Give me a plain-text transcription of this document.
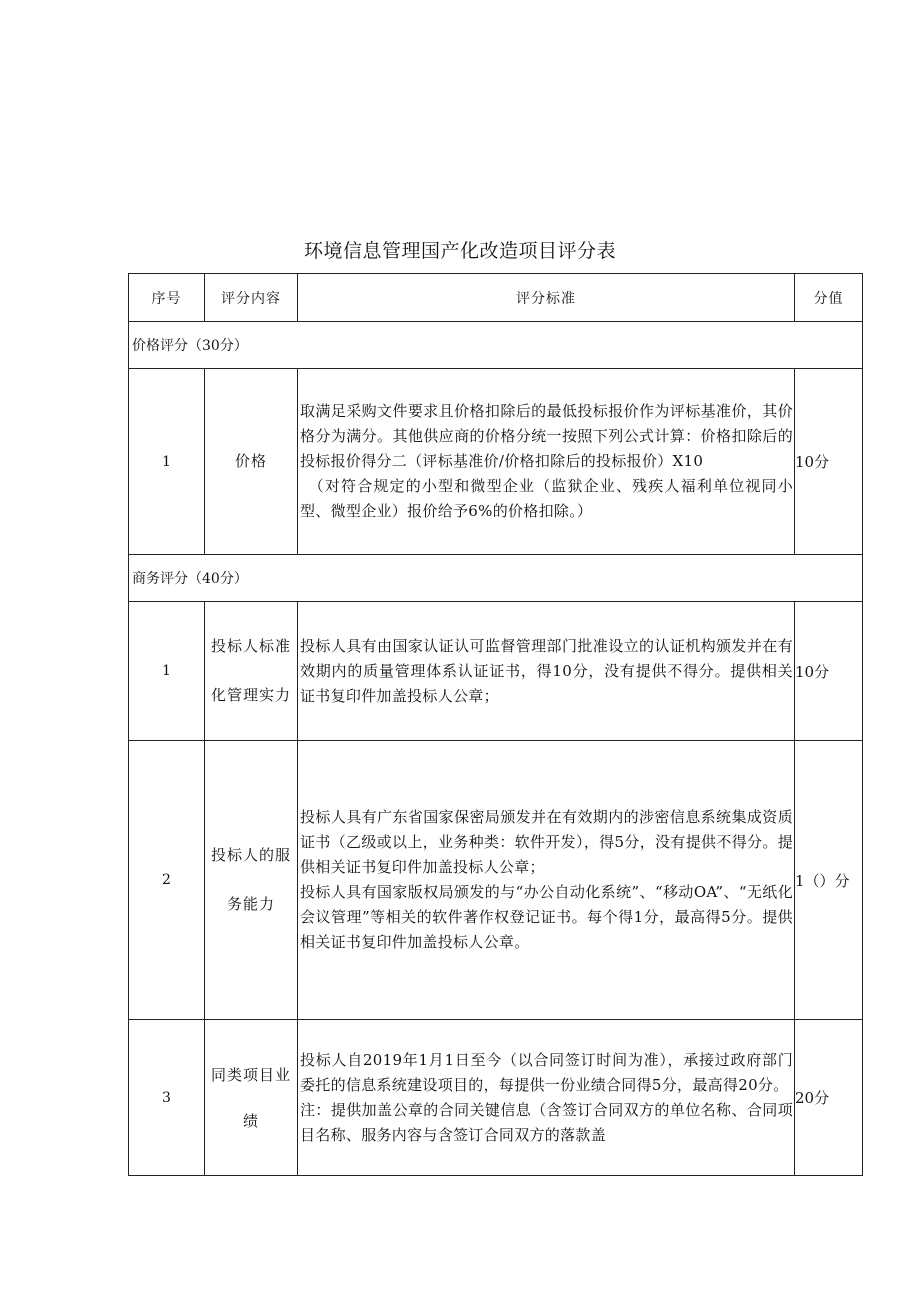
环境信息管理国产化改造项目评分表
序号	评分内容	评分标准	分值
价格评分（30分）			
1	价格	取满足采购文件要求且价格扣除后的最低投标报价作为评标基准价，其价格分为满分。其他供应商的价格分统一按照下列公式计算：价格扣除后的投标报价得分二（评标基准价/价格扣除后的投标报价）X10
　（对符合规定的小型和微型企业（监狱企业、残疾人福利单位视同小型、微型企业）报价给予6%的价格扣除。）	10分
商务评分（40分）			
1	投标人标准化管理实力	投标人具有由国家认证认可监督管理部门批准设立的认证机构颁发并在有效期内的质量管理体系认证证书，得10分，没有提供不得分。提供相关证书复印件加盖投标人公章；	10分
2	投标人的服务能力	投标人具有广东省国家保密局颁发并在有效期内的涉密信息系统集成资质证书（乙级或以上，业务种类：软件开发），得5分，没有提供不得分。提供相关证书复印件加盖投标人公章；
投标人具有国家版权局颁发的与“办公自动化系统”、“移动OA”、“无纸化会议管理”等相关的软件著作权登记证书。每个得1分，最高得5分。提供相关证书复印件加盖投标人公章。	1（）分
3	同类项目业绩	投标人自2019年1月1日至今（以合同签订时间为准），承接过政府部门委托的信息系统建设项目的，每提供一份业绩合同得5分，最高得20分。
注：提供加盖公章的合同关键信息（含签订合同双方的单位名称、合同项目名称、服务内容与含签订合同双方的落款盖	20分
